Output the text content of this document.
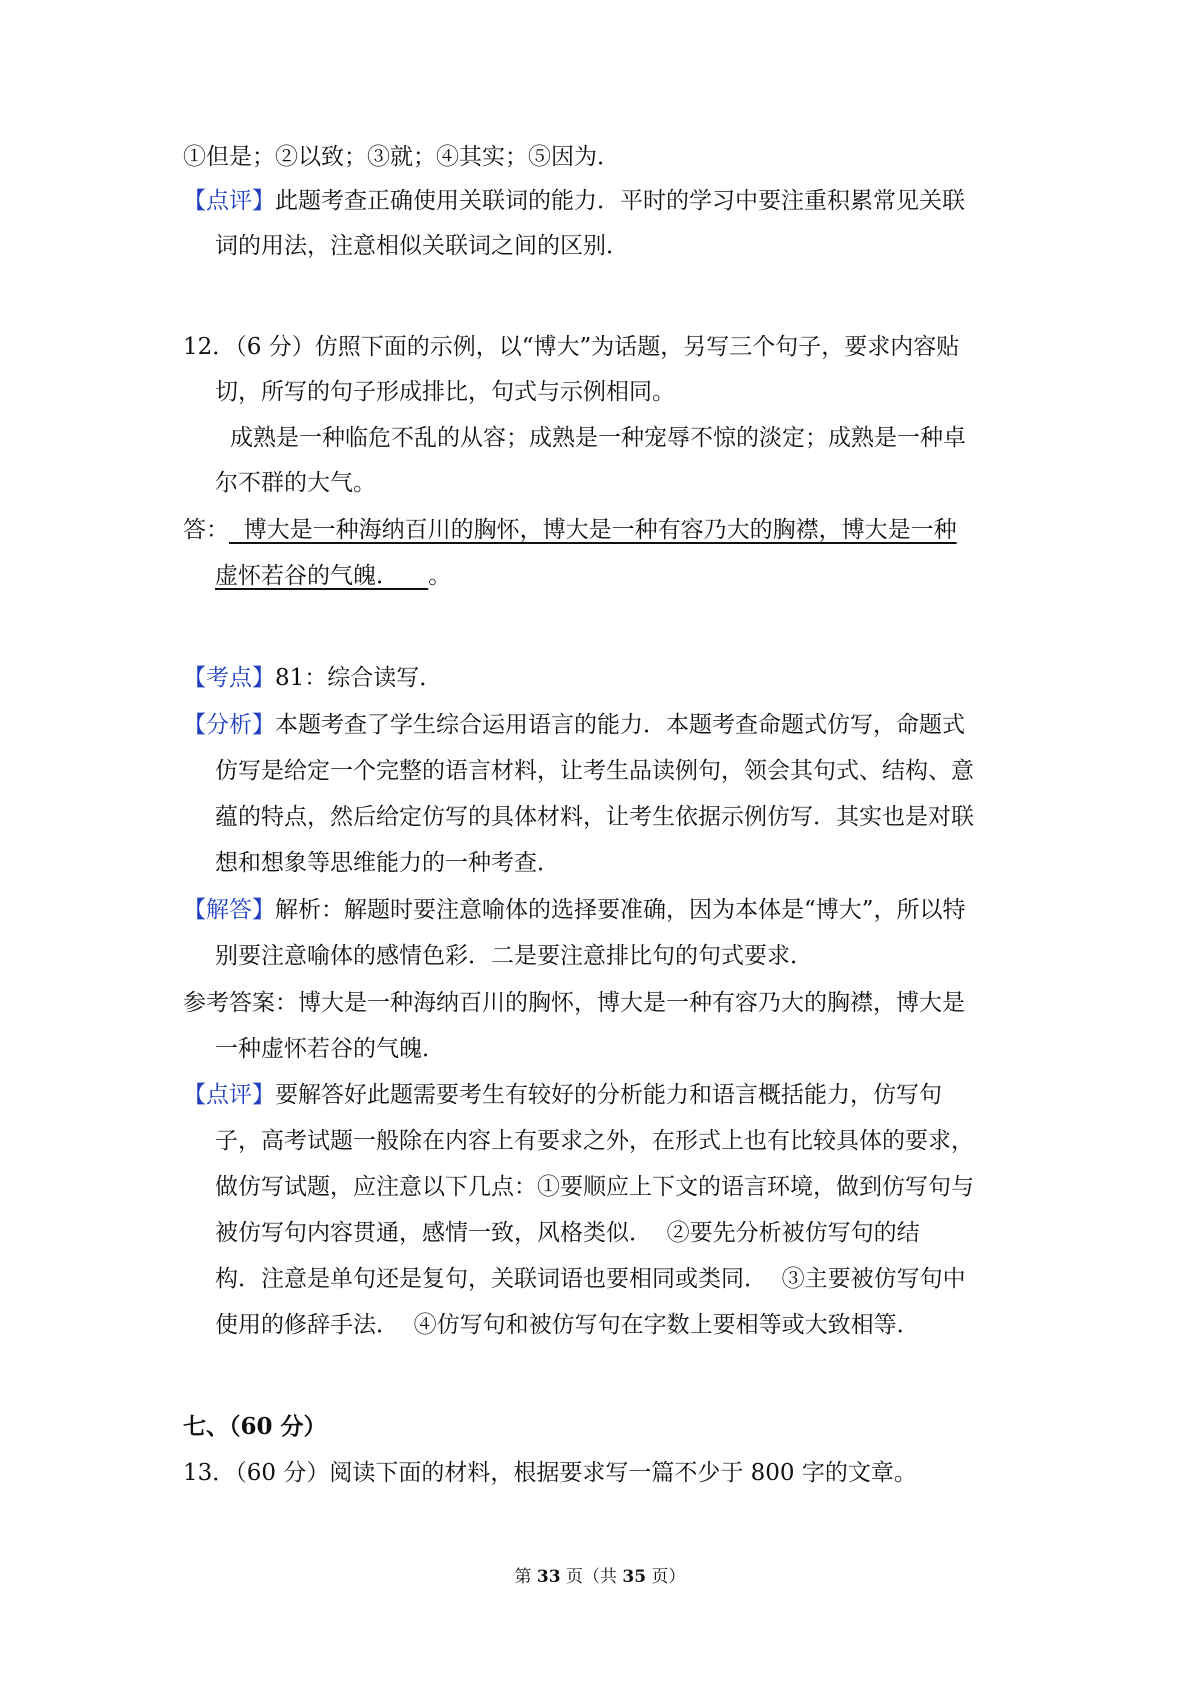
①但是；②以致；③就；④其实；⑤因为．
【点评】此题考查正确使用关联词的能力．平时的学习中要注重积累常见关联
词的用法，注意相似关联词之间的区别．
12．（6 分）仿照下面的示例，以“博大”为话题，另写三个句子，要求内容贴
切，所写的句子形成排比，句式与示例相同。
成熟是一种临危不乱的从容；成熟是一种宠辱不惊的淡定；成熟是一种卓
尔不群的大气。
答：  博大是一种海纳百川的胸怀，博大是一种有容乃大的胸襟，博大是一种
虚怀若谷的气魄．    。
【考点】81：综合读写．
【分析】本题考查了学生综合运用语言的能力．本题考查命题式仿写，命题式
仿写是给定一个完整的语言材料，让考生品读例句，领会其句式、结构、意
蕴的特点，然后给定仿写的具体材料，让考生依据示例仿写．其实也是对联
想和想象等思维能力的一种考查．
【解答】解析：解题时要注意喻体的选择要准确，因为本体是“博大”，所以特
别要注意喻体的感情色彩．二是要注意排比句的句式要求．
参考答案：博大是一种海纳百川的胸怀，博大是一种有容乃大的胸襟，博大是
一种虚怀若谷的气魄．
【点评】要解答好此题需要考生有较好的分析能力和语言概括能力，仿写句
子，高考试题一般除在内容上有要求之外，在形式上也有比较具体的要求，
做仿写试题，应注意以下几点：①要顺应上下文的语言环境，做到仿写句与
被仿写句内容贯通，感情一致，风格类似．  ②要先分析被仿写句的结
构．注意是单句还是复句，关联词语也要相同或类同．  ③主要被仿写句中
使用的修辞手法．  ④仿写句和被仿写句在字数上要相等或大致相等．
七、（60 分）
13．（60 分）阅读下面的材料，根据要求写一篇不少于 800 字的文章。
第 33 页（共 35 页）
